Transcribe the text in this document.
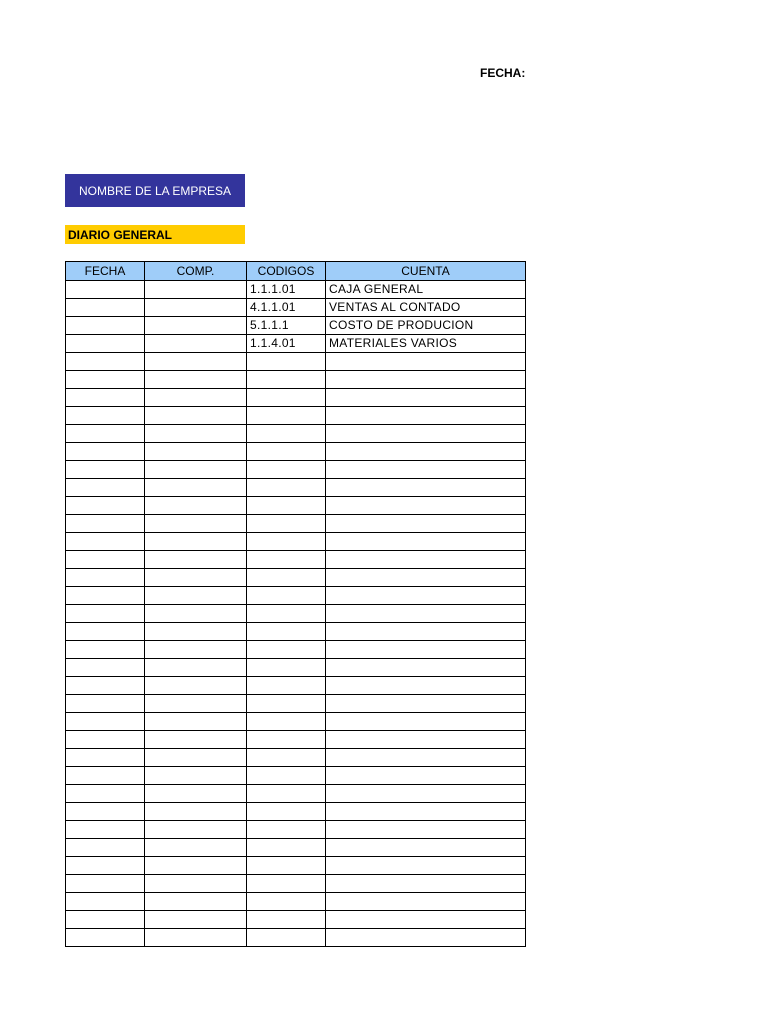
FECHA:
NOMBRE DE LA EMPRESA
DIARIO GENERAL
FECHA	COMP.	CODIGOS	CUENTA
		1.1.1.01	CAJA GENERAL
		4.1.1.01	VENTAS AL CONTADO
		5.1.1.1	COSTO DE PRODUCION
		1.1.4.01	MATERIALES VARIOS
